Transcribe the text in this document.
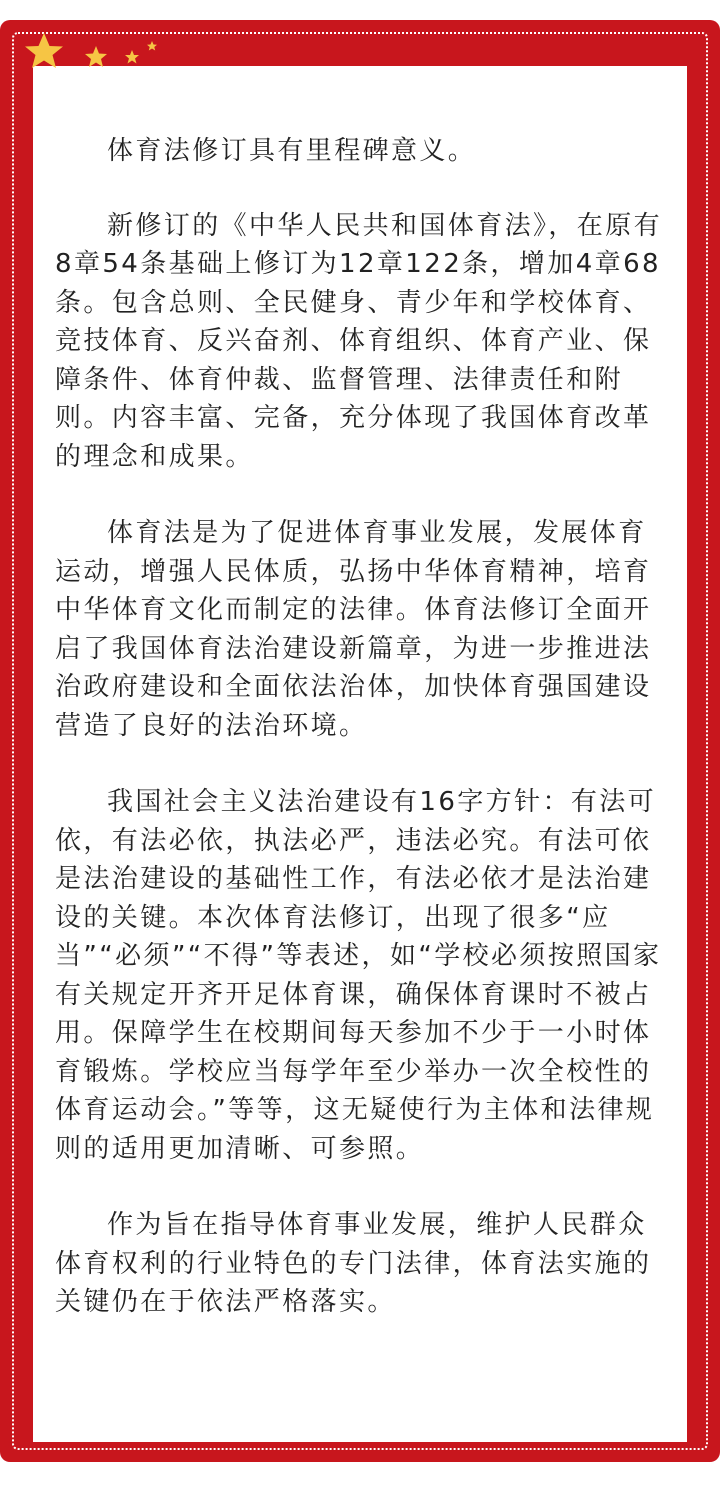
体育法修订具有里程碑意义。

新修订的《中华人民共和国体育法》，在原有8章54条基础上修订为12章122条，增加4章68条。包含总则、全民健身、青少年和学校体育、竞技体育、反兴奋剂、体育组织、体育产业、保障条件、体育仲裁、监督管理、法律责任和附则。内容丰富、完备，充分体现了我国体育改革的理念和成果。

体育法是为了促进体育事业发展，发展体育运动，增强人民体质，弘扬中华体育精神，培育中华体育文化而制定的法律。体育法修订全面开启了我国体育法治建设新篇章，为进一步推进法治政府建设和全面依法治体，加快体育强国建设营造了良好的法治环境。

我国社会主义法治建设有16字方针：有法可依，有法必依，执法必严，违法必究。有法可依是法治建设的基础性工作，有法必依才是法治建设的关键。本次体育法修订，出现了很多“应当”“必须”“不得”等表述，如“学校必须按照国家有关规定开齐开足体育课，确保体育课时不被占用。保障学生在校期间每天参加不少于一小时体育锻炼。学校应当每学年至少举办一次全校性的体育运动会。”等等，这无疑使行为主体和法律规则的适用更加清晰、可参照。

作为旨在指导体育事业发展，维护人民群众体育权利的行业特色的专门法律，体育法实施的关键仍在于依法严格落实。
